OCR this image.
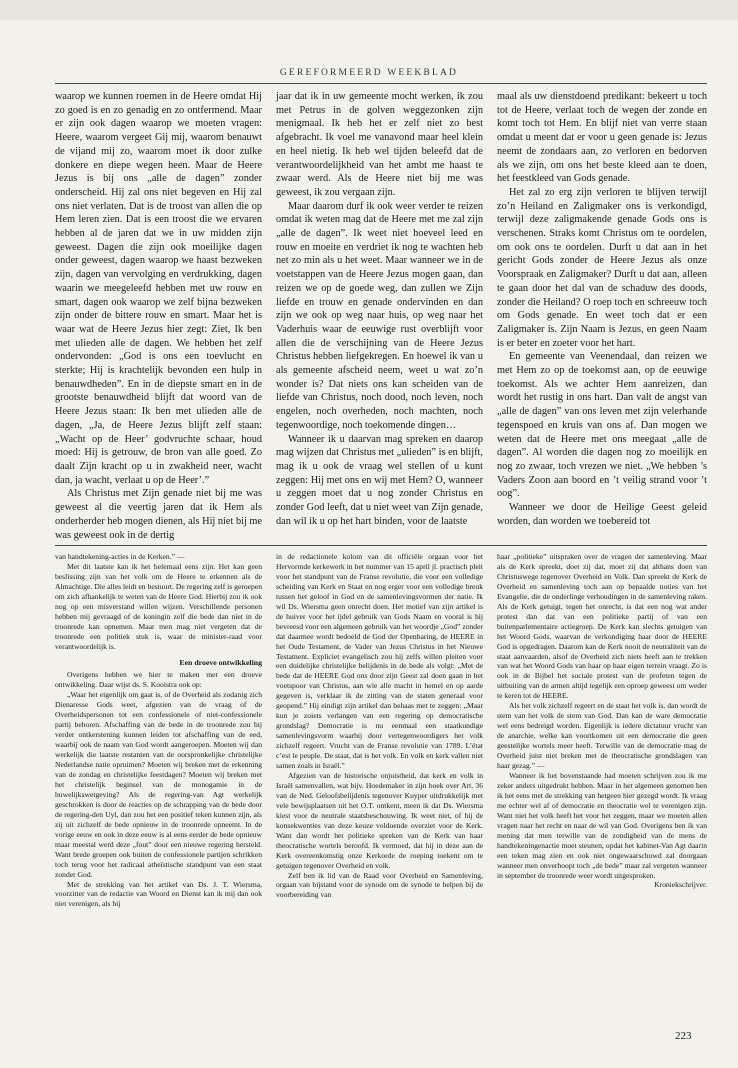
GEREFORMEERD WEEKBLAD

waarop we kunnen roemen in de Heere omdat Hij zo goed is en zo genadig en zo ontfermend. Maar er zijn ook dagen waarop we moeten vragen: Heere, waarom vergeet Gij mij, waarom benauwt de vijand mij zo, waarom moet ik door zulke donkere en diepe wegen heen. Maar de Heere Jezus is bij ons „alle de dagen” zonder onderscheid. Hij zal ons niet begeven en Hij zal ons niet verlaten. Dat is de troost van allen die op Hem leren zien. Dat is een troost die we ervaren hebben al de jaren dat we in uw midden zijn geweest. Dagen die zijn ook moeilijke dagen onder geweest, dagen waarop we haast bezweken zijn, dagen van vervolging en verdrukking, dagen waarin we meegeleefd hebben met uw rouw en smart, dagen ook waarop we zelf bijna bezweken zijn onder de bittere rouw en smart. Maar het is waar wat de Heere Jezus hier zegt: Ziet, Ik ben met ulieden alle de dagen. We hebben het zelf ondervonden: „God is ons een toevlucht en sterkte; Hij is krachtelijk bevonden een hulp in benauwdheden”. En in de diepste smart en in de grootste benauwdheid blijft dat woord van de Heere Jezus staan: Ik ben met ulieden alle de dagen, „Ja, de Heere Jezus blijft zelf staan: „Wacht op de Heer’ godvruchte schaar, houd moed: Hij is getrouw, de bron van alle goed. Zo daalt Zijn kracht op u in zwakheid neer, wacht dan, ja wacht, verlaat u op de Heer’.”

Als Christus met Zijn genade niet bij me was geweest al die veertig jaren dat ik Hem als onderherder heb mogen dienen, als Hij niet bij me was geweest ook in de dertig

jaar dat ik in uw gemeente mocht werken, ik zou met Petrus in de golven weggezonken zijn menigmaal. Ik heb het er zelf niet zo best afgebracht. Ik voel me vanavond maar heel klein en heel nietig. Ik heb wel tijden beleefd dat de verantwoordelijkheid van het ambt me haast te zwaar werd. Als de Heere niet bij me was geweest, ik zou vergaan zijn.

Maar daarom durf ik ook weer verder te reizen omdat ik weten mag dat de Heere met me zal zijn „alle de dagen”. Ik weet niet hoeveel leed en rouw en moeite en verdriet ik nog te wachten heb net zo min als u het weet. Maar wanneer we in de voetstappen van de Heere Jezus mogen gaan, dan reizen we op de goede weg, dan zullen we Zijn liefde en trouw en genade ondervinden en dan zijn we ook op weg naar huis, op weg naar het Vaderhuis waar de eeuwige rust overblijft voor allen die de verschijning van de Heere Jezus Christus hebben liefgekregen. En hoewel ik van u als gemeente afscheid neem, weet u wat zo’n wonder is? Dat niets ons kan scheiden van de liefde van Christus, noch dood, noch leven, noch engelen, noch overheden, noch machten, noch tegenwoordige, noch toekomende dingen…

Wanneer ik u daarvan mag spreken en daarop mag wijzen dat Christus met „ulieden” is en blijft, mag ik u ook de vraag wel stellen of u kunt zeggen: Hij met ons en wij met Hem? O, wanneer u zeggen moet dat u nog zonder Christus en zonder God leeft, dat u niet weet van Zijn genade, dan wil ik u op het hart binden, voor de laatste

maal als uw dienstdoend predikant: bekeert u toch tot de Heere, verlaat toch de wegen der zonde en komt toch tot Hem. En blijf niet van verre staan omdat u meent dat er voor u geen genade is: Jezus neemt de zondaars aan, zo verloren en bedorven als we zijn, om ons het beste kleed aan te doen, het feestkleed van Gods genade.

Het zal zo erg zijn verloren te blijven terwijl zo’n Heiland en Zaligmaker ons is verkondigd, terwijl deze zaligmakende genade Gods ons is verschenen. Straks komt Christus om te oordelen, om ook ons te oordelen. Durft u dat aan in het gericht Gods zonder de Heere Jezus als onze Voorspraak en Zaligmaker? Durft u dat aan, alleen te gaan door het dal van de schaduw des doods, zonder die Heiland? O roep toch en schreeuw toch om Gods genade. En weet toch dat er een Zaligmaker is. Zijn Naam is Jezus, en geen Naam is er beter en zoeter voor het hart.

En gemeente van Veenendaal, dan reizen we met Hem zo op de toekomst aan, op de eeuwige toekomst. Als we achter Hem aanreizen, dan wordt het rustig in ons hart. Dan valt de angst van „alle de dagen” van ons leven met zijn velerhande tegenspoed en kruis van ons af. Dan mogen we weten dat de Heere met ons meegaat „alle de dagen”. Al worden die dagen nog zo moeilijk en nog zo zwaar, toch vrezen we niet. „We hebben ’s Vaders Zoon aan boord en ’t veilig strand voor ’t oog”.

Wanneer we door de Heilige Geest geleid worden, dan worden we toebereid tot

van handtekening-acties in de Kerken.” —

Met dit laatste kan ik het helemaal eens zijn. Het kan geen beslissing zijn van het volk om de Heere te erkennen als de Almachtige. Die alles leidt en bestuurt. De regering zelf is geroepen om zich afhankelijk te weten van de Heere God. Hierbij zou ik ook nog op een misverstand willen wijzen. Verschillende personen hebben mij gevraagd of de koningin zelf die bede dan niet in de troonrede kan opnemen. Maar men mag niet vergeten dat de troonrede een politiek stuk is, waar de minister-raad voor verantwoordelijk is.

Een droeve ontwikkeling

Overigens hebben we hier te maken met een droeve ontwikkeling. Daar wijst ds. S. Kooistra ook op:

„Waar het eigenlijk om gaat is, of de Overheid als zodanig zich Dienaresse Gods weet, afgezien van de vraag of de Overheidspersonen tot een confessionele of niet-confessionele partij behoren. Afschaffing van de bede in de troonrede zou bij verder ontkerstening kunnen leiden tot afschaffing van de eed, waarbij ook de naam van God wordt aangeroepen. Moeten wij dan werkelijk die laatste restanten van de oorspronkelijke christelijke Nederlandse natie opruimen? Moeten wij breken met de erkenning van de zondag en christelijke feestdagen? Moeten wij breken met het christelijk beginsel van de monogamie in de huwelijkswetgeving? Als de regering-van Agt werkelijk geschrokken is door de reacties op de schrapping van de bede door de regering-den Uyl, dan zou het een positief teken kunnen zijn, als zij uit zichzelf de bede opnieuw in de troonrede opneemt. In de vorige eeuw en ook in deze eeuw is al eens eerder de bede opnieuw maar meestal werd deze „fout” door een nieuwe regering hersteld. Want brede groepen ook buiten de confessionele partijen schrikken toch terug voor het radicaal atheïstische standpunt van een staat zonder God.

Met de strekking van het artikel van Ds. J. T. Wiersma, voorzitter van de redactie van Woord en Dienst kan ik mij dan ook niet verenigen, als hij

in de redactionele kolom van dit officiële orgaan voor het Hervormde kerkewerk in het nummer van 15 april jl. practisch pleit voor het standpunt van de Franse revolutie, die voor een volledige scheiding van Kerk en Staat en nog erger voor een volledige breuk tussen het geloof in God en de samenlevingsvormen der natie. Ik wil Ds. Wiersma geen onrecht doen. Het motief van zijn artikel is de huiver voor het ijdel gebruik van Gods Naam en vooral is hij bevreesd voor een algemeen gebruik van het woordje „God” zonder dat daarmee wordt bedoeld de God der Openbaring, de HEERE in het Oude Testament, de Vader van Jezus Christus in het Nieuwe Testament. Expliciet evangelisch zou hij zelfs willen pleiten voor een duidelijke christelijke belijdenis in de bede als volgt: „Met de bede dat de HEERE God ons door zijn Geest zal doen gaan in het voetspoor van Christus, aan wie alle macht in hemel en op aarde gegeven is, verklaar ik de zitting van de staten generaal voor geopend.” Hij eindigt zijn artikel dan behaas met te zeggen: „Maar kun je zoiets verlangen van een regering op democratische grondslag? Democratie is nu eenmaal een staatkundige samenlevingsvorm waarbij door vertegenwoordigers het volk zichzelf regeert. Vrucht van de Franse revolutie van 1789. L’état c’est le peuple. De staat, dat is het volk. En volk en kerk vallen niet samen zoals in Israël.”

Afgezien van de historische onjuistheid, dat kerk en volk in Israël samenvallen, wat bijv. Hoedemaker in zijn boek over Art. 36 van de Ned. Geloofsbelijdenis tegenover Kuyper uitdrukkelijk met vele bewijsplaatsen uit het O.T. ontkent, meen ik dat Ds. Wiersma kiest voor de neutrale staatsbeschouwing. Ik weet niet, of hij de konsekwenties van deze keuze voldoende overziet voor de Kerk. Want dan wordt het politieke spreken van de Kerk van haar theocratische wortels beroofd. Ik vermoed, dat hij in deze aan de Kerk overeenkomstig onze Kerkorde de roeping toekent om te getuigen tegenover Overheid en volk.

Zelf ben ik lid van de Raad voor Overheid en Samenleving, orgaan van bijstand voor de synode om de synode te helpen bij de voorbereiding van

haar „politieke” uitspraken over de vragen der samenleving. Maar als de Kerk spreekt, doet zij dat, moet zij dat althans doen van Christuswege tegenover Overheid en Volk. Dan spreekt de Kerk de Overheid en samenleving toch aan op bepaalde noties van het Evangelie, die de onderlinge verhoudingen in de samenleving raken. Als de Kerk getuigt, tegen het onrecht, is dat een nog wat ander protest dan dat van een politieke partij of van een buitenparlementaire actiegroep. De Kerk kan slechts getuigen van het Woord Gods, waarvan de verkondiging haar door de HEERE God is opgedragen. Daarom kan de Kerk nooit de neutraliteit van de staat aanvaarden, alsof de Overheid zich niets heeft aan te trekken van wat het Woord Gods van haar op haar eigen terrein vraagt. Zo is ook in de Bijbel het sociale protest van de profeten tegen de uitbuiting van de armen altijd tegelijk een oproep geweest om weder te keren tot de HEERE.

Als het volk zichzelf regeert en de staat het volk is, dan wordt de stem van het volk de stem van God. Dan kan de ware democratie wel eens bedreigd worden. Eigenlijk is iedere dictatuur vrucht van de anarchie, welke kan voortkomen uit een democratie die geen geestelijke wortels meer heeft. Terwille van de democratie mag de Overheid juist niet breken met de theocratische grondslagen van haar gezag.” —

Wanneer ik het bovenstaande had moeten schrijven zou ik me zeker anders uitgedrukt hebben. Maar in het algemeen genomen ben ik het eens met de strekking van hetgeen hier gezegd wordt. Ik vraag me echter wel af of democratie en theocratie wel te verenigen zijn. Want niet het volk heeft het voor het zeggen, maar we moeten allen vragen naar het recht en naar de wil van God. Overigens ben ik van mening dat men terwille van de zondigheid van de mens de handtekeningenactie moet steunen, opdat het kabinet-Van Agt daarin een teken mag zien en ook niet ongewaarschuwd zal doorgaan wanneer men onverhoopt toch „de bede” maar zal vergeten wanneer in september de troonrede weer wordt uitgesproken.

Kroniekschrijver.

223
